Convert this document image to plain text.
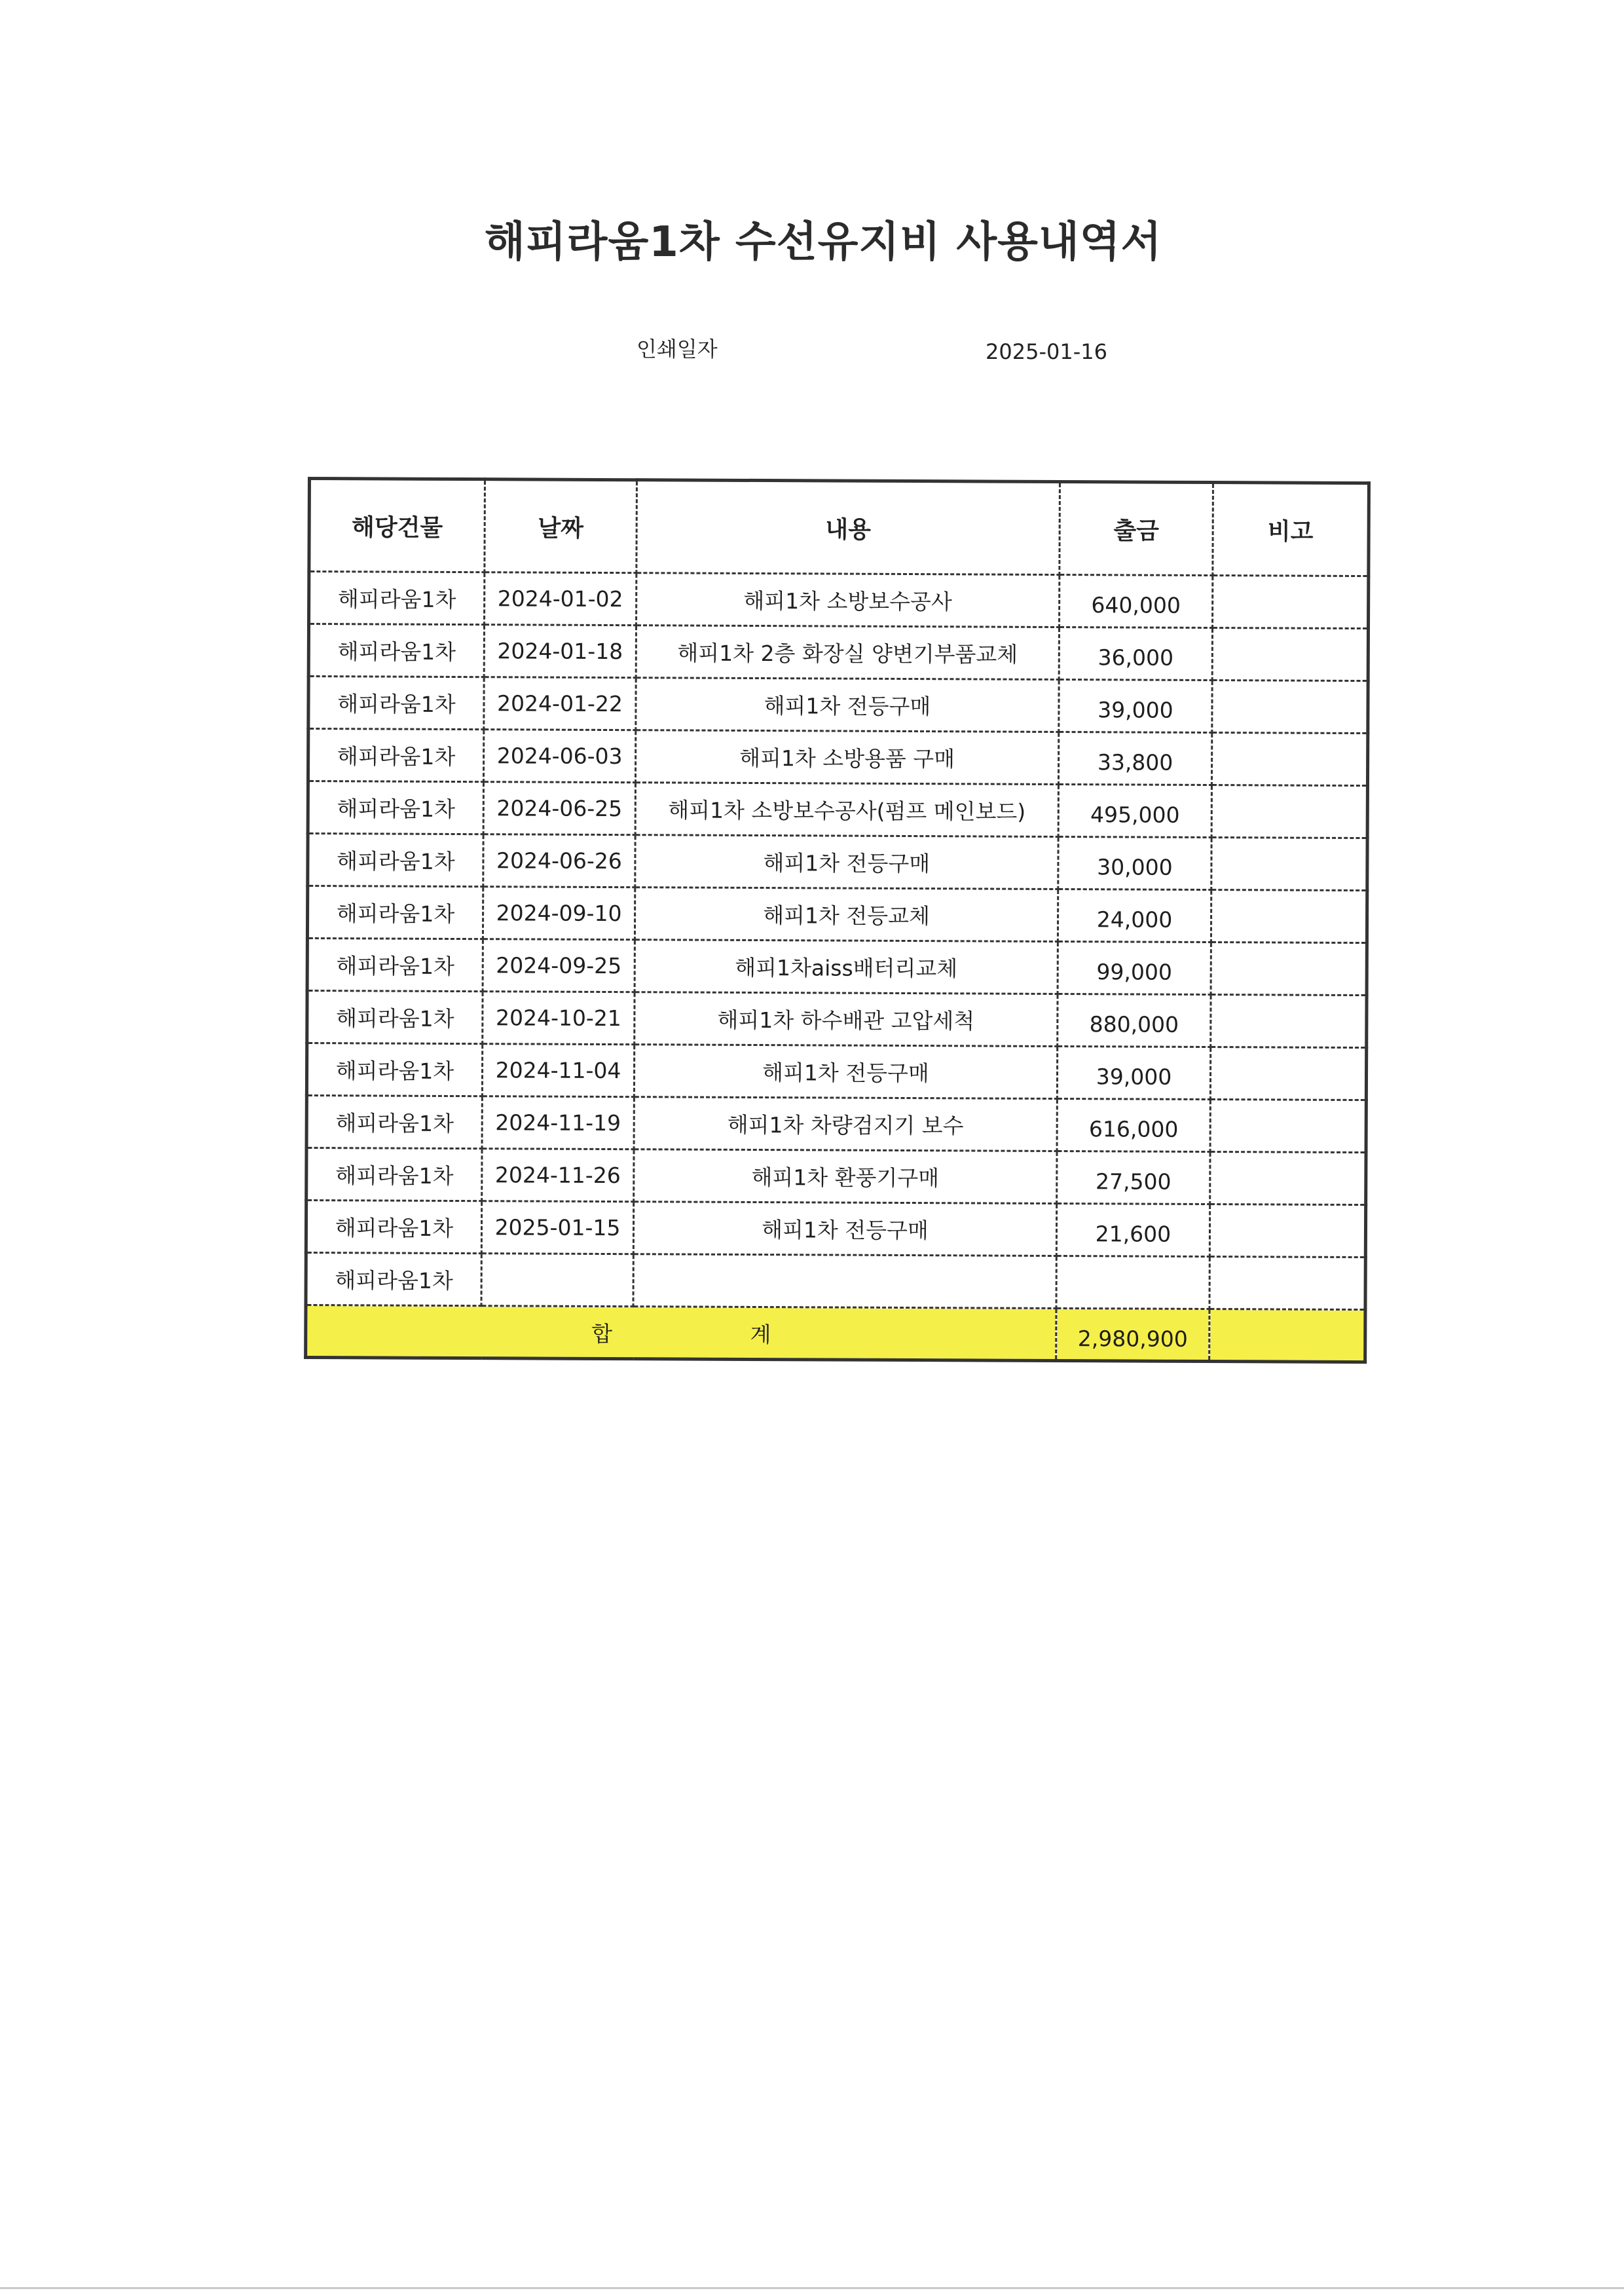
해피라움1차 수선유지비 사용내역서
인쇄일자	2025-01-16
해당건물	날짜	내용	출금	비고
해피라움1차	2024-01-02	해피1차 소방보수공사	640,000	
해피라움1차	2024-01-18	해피1차 2층 화장실 양변기부품교체	36,000	
해피라움1차	2024-01-22	해피1차 전등구매	39,000	
해피라움1차	2024-06-03	해피1차 소방용품 구매	33,800	
해피라움1차	2024-06-25	해피1차 소방보수공사(펌프 메인보드)	495,000	
해피라움1차	2024-06-26	해피1차 전등구매	30,000	
해피라움1차	2024-09-10	해피1차 전등교체	24,000	
해피라움1차	2024-09-25	해피1차aiss배터리교체	99,000	
해피라움1차	2024-10-21	해피1차 하수배관 고압세척	880,000	
해피라움1차	2024-11-04	해피1차 전등구매	39,000	
해피라움1차	2024-11-19	해피1차 차량검지기 보수	616,000	
해피라움1차	2024-11-26	해피1차 환풍기구매	27,500	
해피라움1차	2025-01-15	해피1차 전등구매	21,600	
해피라움1차				
합 계			2,980,900	
